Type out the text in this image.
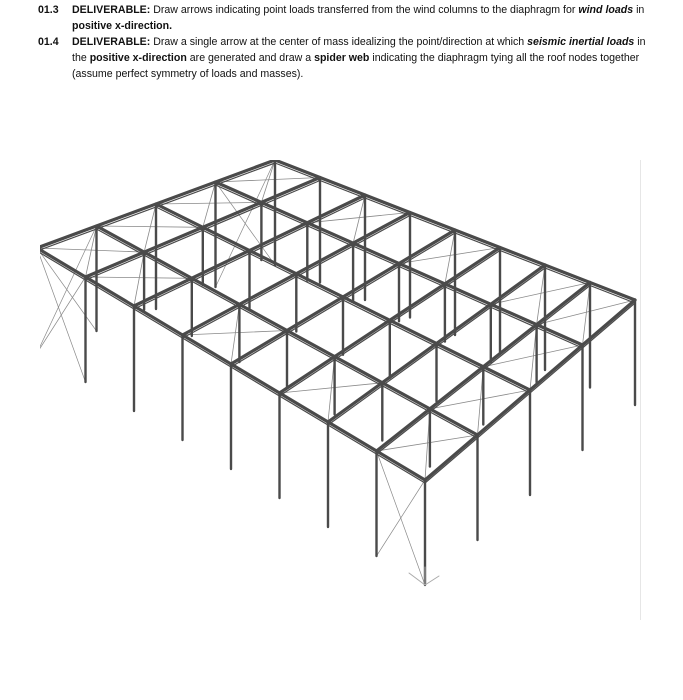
01.3 DELIVERABLE: Draw arrows indicating point loads transferred from the wind columns to the diaphragm for wind loads in positive x-direction.
01.4 DELIVERABLE: Draw a single arrow at the center of mass idealizing the point/direction at which seismic inertial loads in the positive x-direction are generated and draw a spider web indicating the diaphragm tying all the roof nodes together (assume perfect symmetry of loads and masses).
